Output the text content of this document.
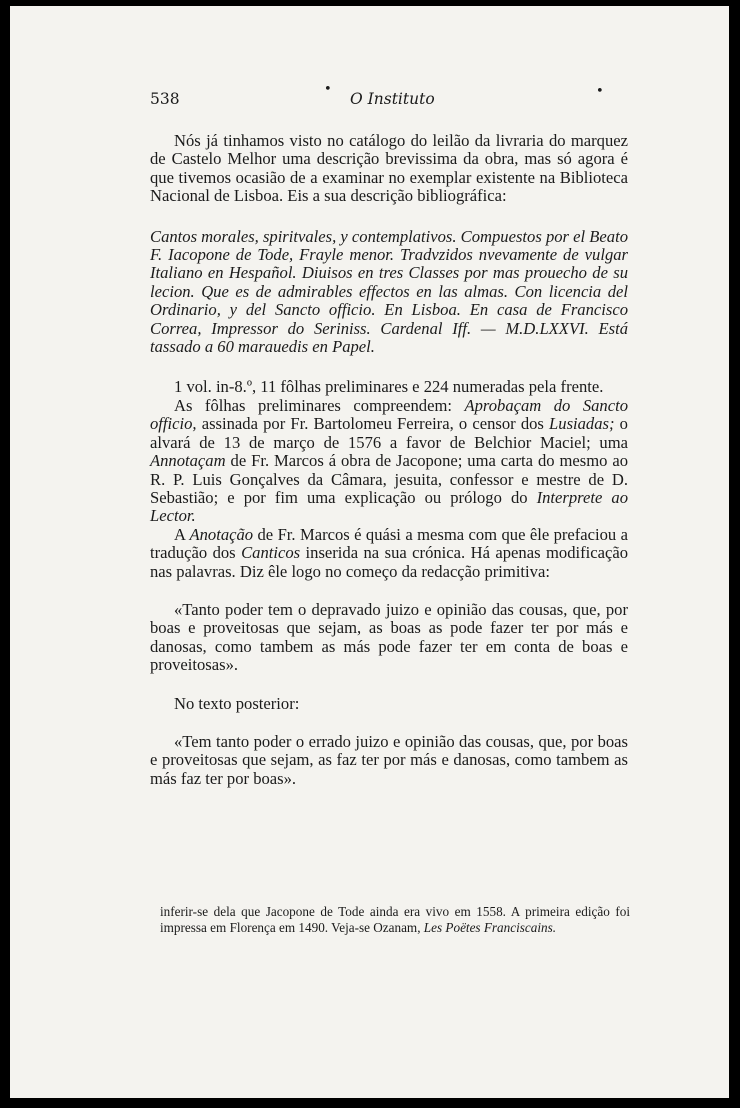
538
•
O Instituto	•

Nós já tinhamos visto no catálogo do leilão da livraria do marquez de Castelo Melhor uma descrição brevissima da obra, mas só agora é que tivemos ocasião de a examinar no exemplar existente na Biblioteca Nacional de Lisboa. Eis a sua descrição bibliográfica:

Cantos morales, spiritvales, y contemplativos. Compuestos por el Beato F. Iacopone de Tode, Frayle menor. Tradvzidos nvevamente de vulgar Italiano en Hespañol. Diuisos en tres Classes por mas prouecho de su lecion. Que es de admirables effectos en las almas. Con licencia del Ordinario, y del Sancto officio. En Lisboa. En casa de Francisco Correa, Impressor do Seriniss. Cardenal Iff. — M.D.LXXVI. Está tassado a 60 marauedis en Papel.

1 vol. in-8.º, 11 fôlhas preliminares e 224 numeradas pela frente.

As fôlhas preliminares compreendem: Aprobaçam do Sancto officio, assinada por Fr. Bartolomeu Ferreira, o censor dos Lusiadas; o alvará de 13 de março de 1576 a favor de Belchior Maciel; uma Annotaçam de Fr. Marcos á obra de Jacopone; uma carta do mesmo ao R. P. Luis Gonçalves da Câmara, jesuita, confessor e mestre de D. Sebastião; e por fim uma explicação ou prólogo do Interprete ao Lector.

A Anotação de Fr. Marcos é quási a mesma com que êle prefaciou a tradução dos Canticos inserida na sua crónica. Há apenas modificação nas palavras. Diz êle logo no começo da redacção primitiva:

«Tanto poder tem o depravado juizo e opinião das cousas, que, por boas e proveitosas que sejam, as boas as pode fazer ter por más e danosas, como tambem as más pode fazer ter em conta de boas e proveitosas».

No texto posterior:

«Tem tanto poder o errado juizo e opinião das cousas, que, por boas e proveitosas que sejam, as faz ter por más e danosas, como tambem as más faz ter por boas».

inferir-se dela que Jacopone de Tode ainda era vivo em 1558. A primeira edição foi impressa em Florença em 1490. Veja-se Ozanam, Les Poëtes Franciscains.
